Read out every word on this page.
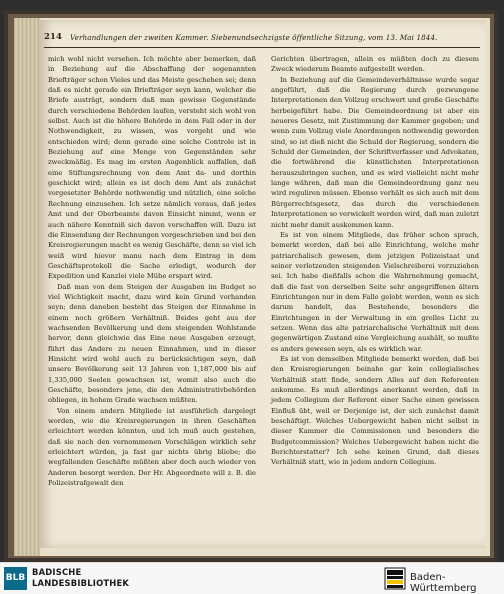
214 Verhandlungen der zweiten Kammer. Siebenundsechzigste öffentliche Sitzung, vom 13. Mai 1844.

mich wohl nicht versehen. Ich möchte aber bemerken, daß in Beziehung auf die Abschaffung der sogenannten Briefträger schon Vieles und das Meiste geschehen sei; denn daß es nicht gerade ein Briefträger seyn kann, welcher die Briefe austrägt, sondern daß man gewisse Gegenstände durch verschiedene Behörden laufen, versteht sich wohl von selbst. Auch ist die höhere Behörde in dem Fall oder in der Nothwendigkeit, zu wissen, was vorgeht und wie entschieden wird; denn gerade eine solche Controle ist in Beziehung auf eine Menge von Gegenständen sehr zweckmäßig. Es mag im ersten Augenblick auffallen, daß eine Stiftungsrechnung von dem Amt da- und dorthin geschickt wird; allein es ist doch dem Amt als zunächst vorgesetzter Behörde nothwendig und nützlich, eine solche Rechnung einzusehen. Ich setze nämlich voraus, daß jedes Amt und der Oberbeamte davon Einsicht nimmt, wenn er auch nähere Kenntniß sich davon verschaffen will. Dazu ist die Einsendung der Rechnungen vorgeschrieben und bei den Kreisregierungen macht es wenig Geschäfte, denn so viel ich weiß wird hievor manu nach dem Eintrag in dem Geschäftsprotokoll die Sache erledigt, wodurch der Expedition und Kanzlei viele Mühe erspart wird.

Daß man von dem Steigen der Ausgaben im Budget so viel Wichtigkeit macht, dazu wird kein Grund vorhanden seyn; denn daneben besteht das Steigen der Einnahme in einem noch größern Verhältniß. Beides geht aus der wachsenden Bevölkerung und dem steigenden Wohlstande hervor, denn gleichwie das Eine neue Ausgaben erzeugt, führt das Andere zu neuen Einnahmen, und in dieser Hinsicht wird wohl auch zu berücksichtigen seyn, daß unsere Bevölkerung seit 13 Jahren von 1,187,000 bis auf 1,335,000 Seelen gewachsen ist, womit also auch die Geschäfte, besonders jene, die den Administrativbehörden obliegen, in hohem Grade wachsen müßten.

Von einem andern Mitgliede ist ausführlich dargelegt worden, wie die Kreisregierungen in ihren Geschäften erleichtert werden könnten, und ich muß auch gestehen, daß sie nach den vernommenen Vorschlägen wirklich sehr erleichtert würden, ja fast gar nichts übrig bliebe; die wegfallenden Geschäfte müßten aber doch auch wieder von Anderen besorgt werden. Der Hr. Abgeordnete will z. B. die Polizeistrafgewalt den

Gerichten übertragen, allein es müßten doch zu diesem Zweck wiederum Beamte aufgestellt werden.

In Beziehung auf die Gemeindeverhältnisse wurde sogar angeführt, daß die Regierung durch gezwungene Interpretationen den Vollzug erschwert und große Geschäfte herbeigeführt habe. Die Gemeindeordnung ist aber ein neueres Gesetz, mit Zustimmung der Kammer gegeben; und wenn zum Vollzug viele Anordnungen nothwendig geworden sind, so ist dieß nicht die Schuld der Regierung, sondern die Schuld der Gemeinden, der Schriftverfasser und Advokaten, die fortwährend die künstlichsten Interpretationen herauszubringen suchen, und es wird vielleicht nicht mehr lange währen, daß man die Gemeindeordnung ganz neu wird reguliren müssen. Ebenso verhält es sich auch mit dem Bürgerrechtsgesetz, das durch die verschiedenen Interpretationen so verwickelt werden wird, daß man zuletzt nicht mehr damit auskommen kann.

Es ist von einem Mitgliede, das früher schon sprach, bemerkt worden, daß bei alle Einrichtung, welche mehr patriarchalisch gewesen, dem jetzigen Polizeistaat und seiner verletzenden steigenden Vielschreiberei vorzuziehen sei. Ich habe dießfalls schon die Wahrnehmung gemacht, daß die fast von derselben Seite sehr angegriffenen ältern Einrichtungen nur in dem Falle gelobt werden, wenn es sich darum handelt, das Bestehende, besonders die Einrichtungen in der Verwaltung in ein grelles Licht zu setzen. Wenn das alte patriarchalische Verhältniß mit dem gegenwärtigen Zustand eine Vergleichung aushält, so mußte es anders gewesen seyn, als es wirklich war.

Es ist von demselben Mitgliede bemerkt worden, daß bei den Kreisregierungen beinahe gar kein collegialisches Verhältniß statt finde, sondern Alles auf den Referenten ankomme. Es muß allerdings anerkannt werden, daß in jedem Collegium der Referent einer Sache einen gewissen Einfluß übt, weil er Derjenige ist, der sich zunächst damit beschäftigt. Welches Uebergewicht haben nicht selbst in dieser Kammer die Commissionen und besonders die Budgetcommission? Welches Uebergewicht haben nicht die Berichterstatter? Ich sehe keinen Grund, daß dieses Verhältniß statt, wie in jedem andern Collegium.

BLB
BADISCHE
LANDESBIBLIOTHEK	Baden-Württemberg
